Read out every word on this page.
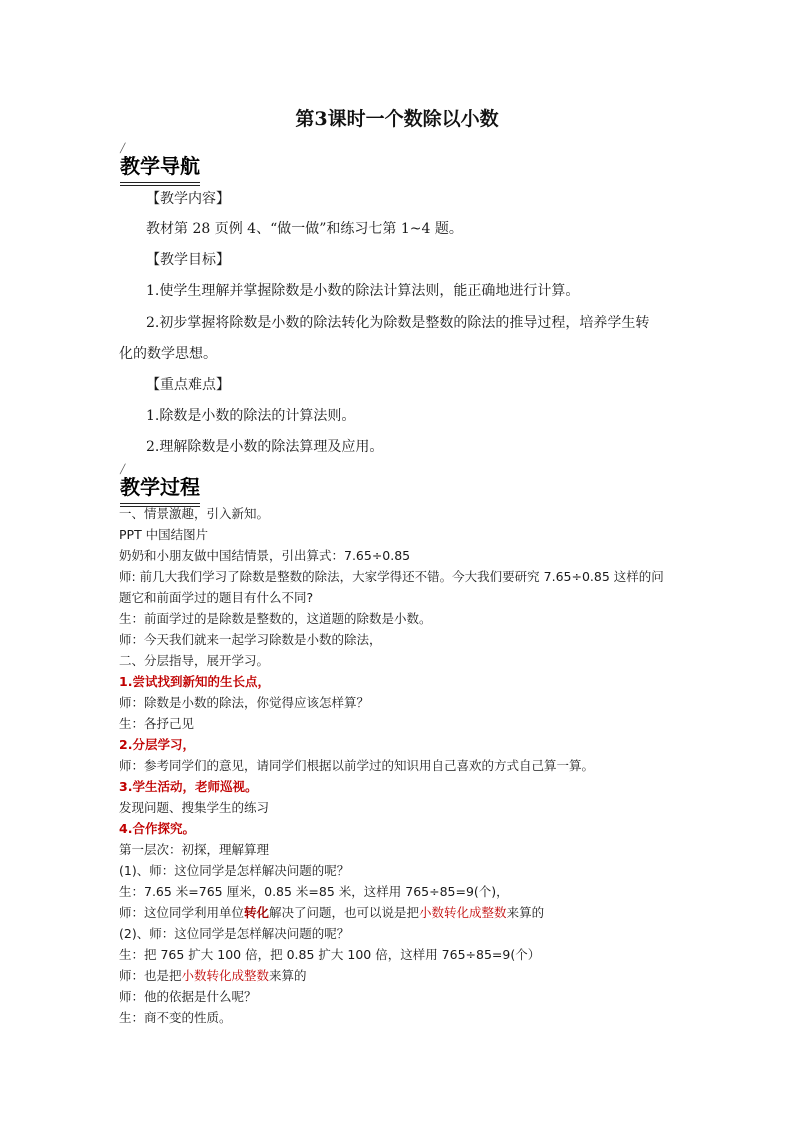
第3课时一个数除以小数
╱
教学导航
【教学内容】
教材第 28 页例 4、“做一做”和练习七第 1~4 题。
【教学目标】
1.使学生理解并掌握除数是小数的除法计算法则，能正确地进行计算。
2.初步掌握将除数是小数的除法转化为除数是整数的除法的推导过程，培养学生转
化的数学思想。
【重点难点】
1.除数是小数的除法的计算法则。
2.理解除数是小数的除法算理及应用。
╱
教学过程
一、情景激趣，引入新知。
PPT 中国结图片
奶奶和小朋友做中国结情景，引出算式：7.65÷0.85
师: 前几大我们学习了除数是整数的除法，大家学得还不错。今大我们要研究 7.65÷0.85 这样的问
题它和前面学过的题目有什么不同?
生：前面学过的是除数是整数的，这道题的除数是小数。
师：今天我们就来一起学习除数是小数的除法，
二、分层指导，展开学习。
1.尝试找到新知的生长点，
师：除数是小数的除法，你觉得应该怎样算？
生：各抒己见
2.分层学习，
师：参考同学们的意见，请同学们根据以前学过的知识用自己喜欢的方式自己算一算。
3.学生活动，老师巡视。
发现问题、搜集学生的练习
4.合作探究。
第一层次：初探，理解算理
(1)、师：这位同学是怎样解决问题的呢？
生：7.65 米=765 厘米，0.85 米=85 米，这样用 765÷85=9(个)，
师：这位同学利用单位转化解决了问题，也可以说是把小数转化成整数来算的
(2)、师：这位同学是怎样解决问题的呢？
生：把 765 扩大 100 倍，把 0.85 扩大 100 倍，这样用 765÷85=9(个）
师：也是把小数转化成整数来算的
师：他的依据是什么呢？
生：商不变的性质。
